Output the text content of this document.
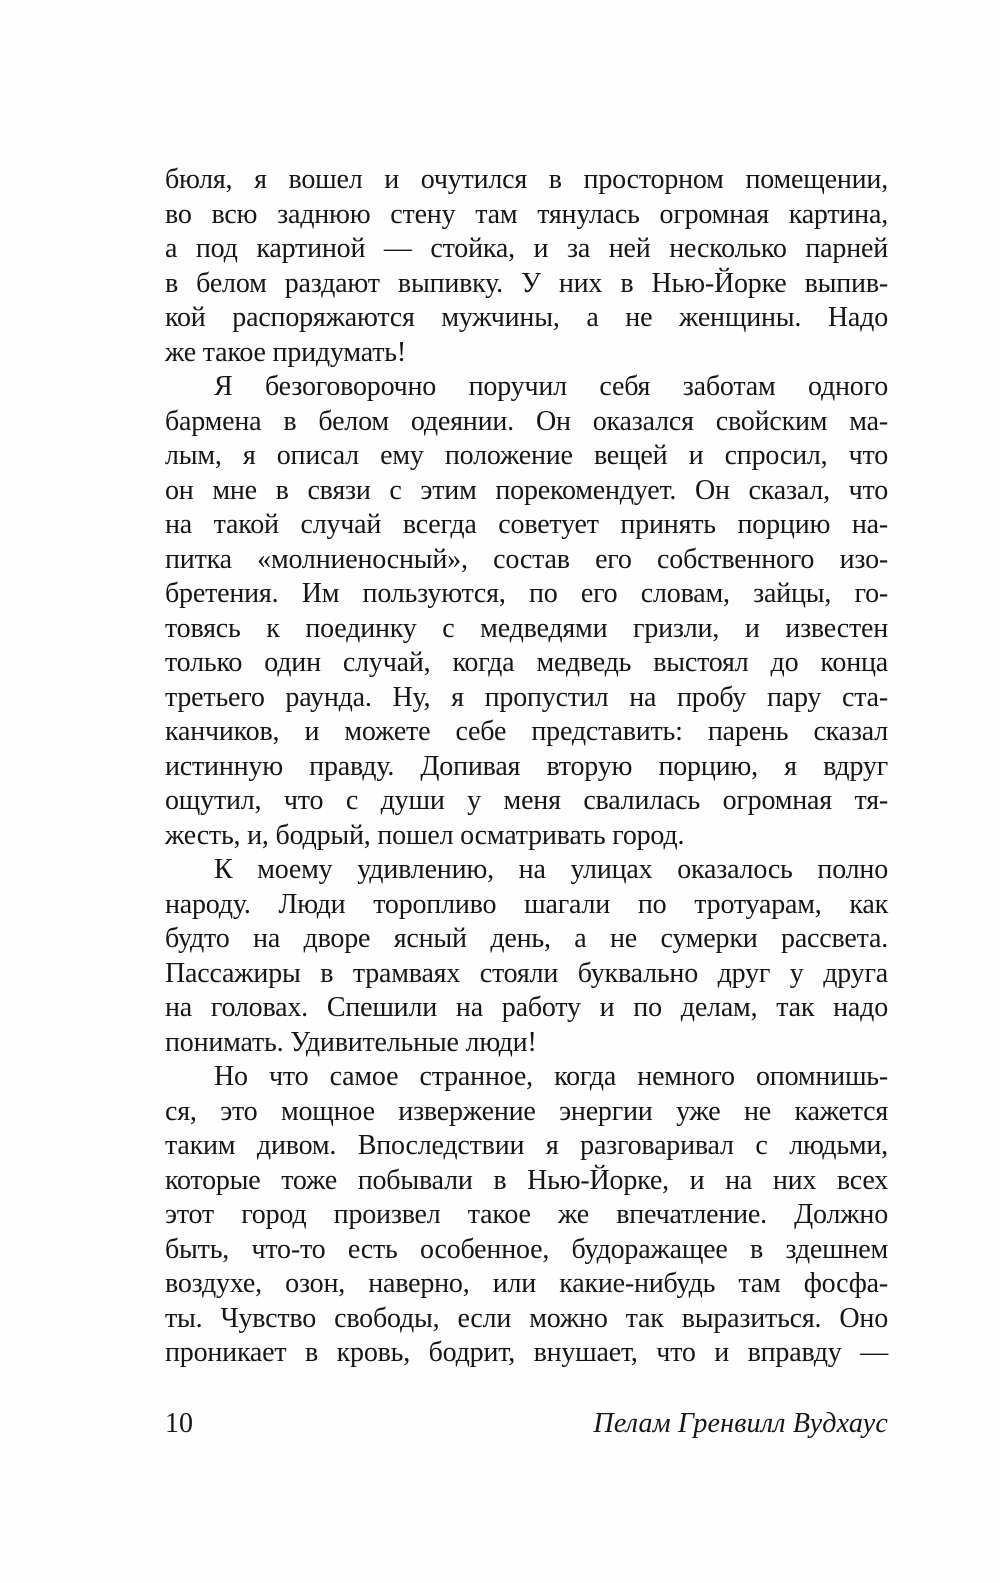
бюля, я вошел и очутился в просторном помещении,
во всю заднюю стену там тянулась огромная картина,
а под картиной — стойка, и за ней несколько парней
в белом раздают выпивку. У них в Нью-Йорке выпив-
кой распоряжаются мужчины, а не женщины. Надо
же такое придумать!
Я безоговорочно поручил себя заботам одного
бармена в белом одеянии. Он оказался свойским ма-
лым, я описал ему положение вещей и спросил, что
он мне в связи с этим порекомендует. Он сказал, что
на такой случай всегда советует принять порцию на-
питка «молниеносный», состав его собственного изо-
бретения. Им пользуются, по его словам, зайцы, го-
товясь к поединку с медведями гризли, и известен
только один случай, когда медведь выстоял до конца
третьего раунда. Ну, я пропустил на пробу пару ста-
канчиков, и можете себе представить: парень сказал
истинную правду. Допивая вторую порцию, я вдруг
ощутил, что с души у меня свалилась огромная тя-
жесть, и, бодрый, пошел осматривать город.
К моему удивлению, на улицах оказалось полно
народу. Люди торопливо шагали по тротуарам, как
будто на дворе ясный день, а не сумерки рассвета.
Пассажиры в трамваях стояли буквально друг у друга
на головах. Спешили на работу и по делам, так надо
понимать. Удивительные люди!
Но что самое странное, когда немного опомнишь-
ся, это мощное извержение энергии уже не кажется
таким дивом. Впоследствии я разговаривал с людьми,
которые тоже побывали в Нью-Йорке, и на них всех
этот город произвел такое же впечатление. Должно
быть, что-то есть особенное, будоражащее в здешнем
воздухе, озон, наверно, или какие-нибудь там фосфа-
ты. Чувство свободы, если можно так выразиться. Оно
проникает в кровь, бодрит, внушает, что и вправду —
10	Пелам Гренвилл Вудхаус
